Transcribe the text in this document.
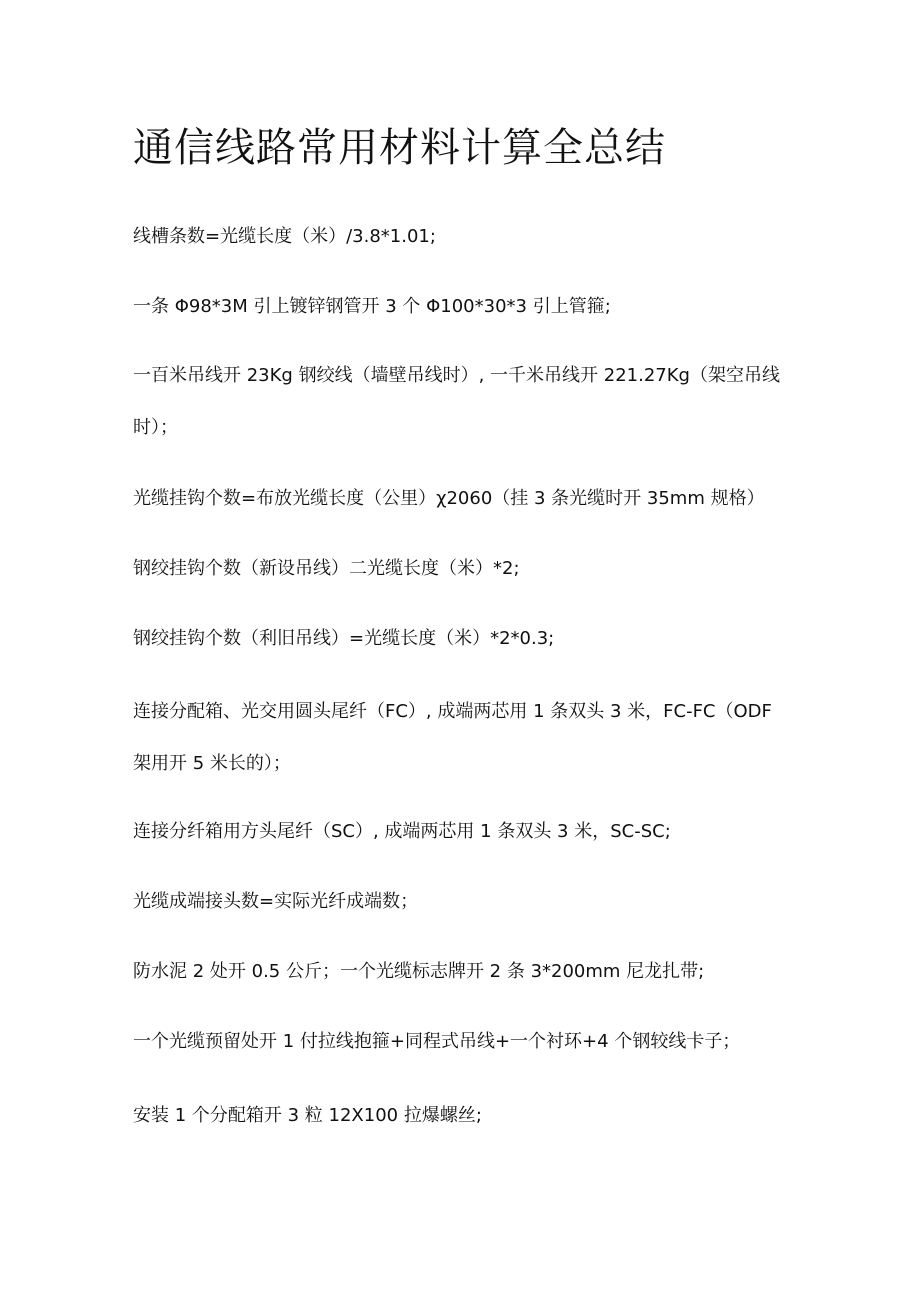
通信线路常用材料计算全总结

线槽条数=光缆长度（米）/3.8*1.01;

一条 Φ98*3M 引上镀锌钢管开 3 个 Φ100*30*3 引上管箍;

一百米吊线开 23Kg 钢绞线（墙壁吊线时）, 一千米吊线开 221.27Kg（架空吊线时）；

光缆挂钩个数=布放光缆长度（公里）χ2060（挂 3 条光缆时开 35mm 规格）

钢绞挂钩个数（新设吊线）二光缆长度（米）*2;

钢绞挂钩个数（利旧吊线）=光缆长度（米）*2*0.3;

连接分配箱、光交用圆头尾纤（FC）, 成端两芯用 1 条双头 3 米，FC-FC（ODF 架用开 5 米长的）；

连接分纤箱用方头尾纤（SC）, 成端两芯用 1 条双头 3 米，SC-SC;

光缆成端接头数=实际光纤成端数；

防水泥 2 处开 0.5 公斤；一个光缆标志牌开 2 条 3*200mm 尼龙扎带;

一个光缆预留处开 1 付拉线抱箍+同程式吊线+一个衬环+4 个钢较线卡子；

安装 1 个分配箱开 3 粒 12X100 拉爆螺丝;
